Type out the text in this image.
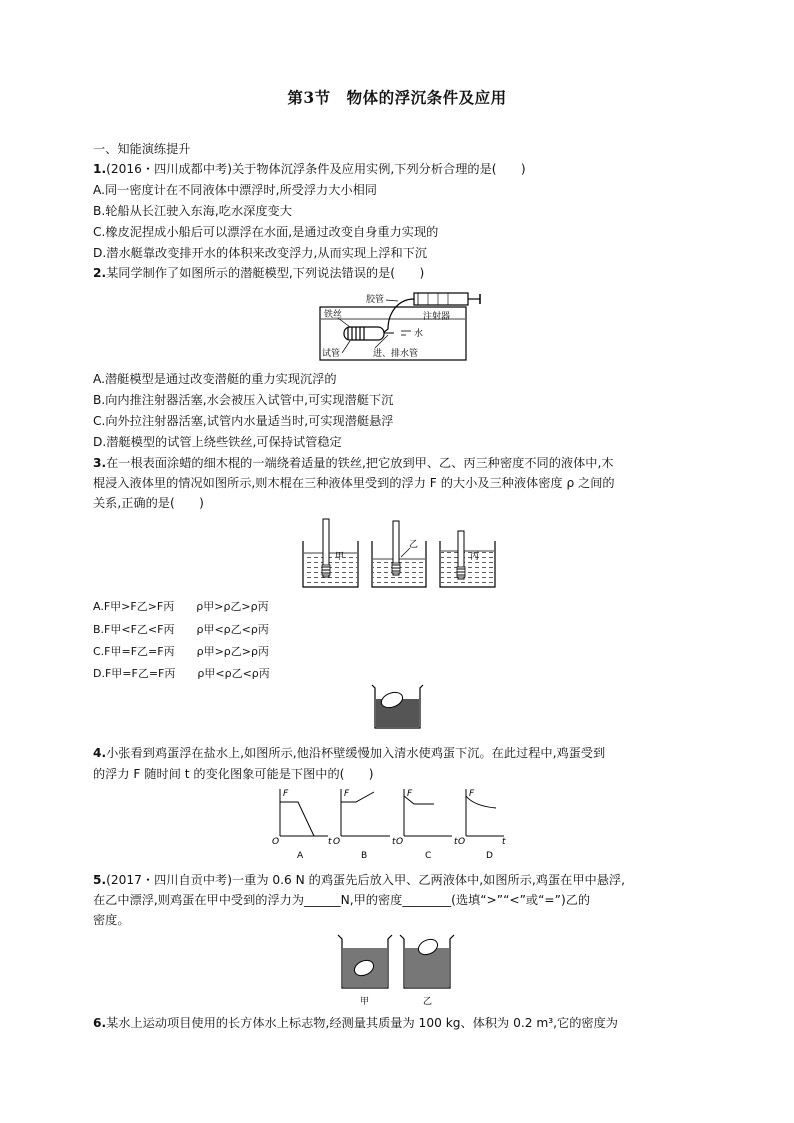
第3节　物体的浮沉条件及应用
一、知能演练提升
1.(2016・四川成都中考)关于物体沉浮条件及应用实例,下列分析合理的是(　　)
A.同一密度计在不同液体中漂浮时,所受浮力大小相同
B.轮船从长江驶入东海,吃水深度变大
C.橡皮泥捏成小船后可以漂浮在水面,是通过改变自身重力实现的
D.潜水艇靠改变排开水的体积来改变浮力,从而实现上浮和下沉
2.某同学制作了如图所示的潜艇模型,下列说法错误的是(　　)
胶管
注射器
铁丝
水
试管	进、排水管
A.潜艇模型是通过改变潜艇的重力实现沉浮的
B.向内推注射器活塞,水会被压入试管中,可实现潜艇下沉
C.向外拉注射器活塞,试管内水量适当时,可实现潜艇悬浮
D.潜艇模型的试管上绕些铁丝,可保持试管稳定
3.在一根表面涂蜡的细木棍的一端绕着适量的铁丝,把它放到甲、乙、丙三种密度不同的液体中,木
棍浸入液体里的情况如图所示,则木棍在三种液体里受到的浮力 F 的大小及三种液体密度 ρ 之间的
关系,正确的是(　　)
甲
乙
丙
A.F甲>F乙>F丙　　ρ甲>ρ乙>ρ丙
B.F甲<F乙<F丙　　ρ甲<ρ乙<ρ丙
C.F甲=F乙=F丙　　ρ甲>ρ乙>ρ丙
D.F甲=F乙=F丙　　ρ甲<ρ乙<ρ丙
4.小张看到鸡蛋浮在盐水上,如图所示,他沿杯壁缓慢加入清水使鸡蛋下沉。在此过程中,鸡蛋受到
的浮力 F 随时间 t 的变化图象可能是下图中的(　　)
F
O
A
F
O
B
F
O
C
F
O
D
t	t	t	t
5.(2017・四川自贡中考)一重为 0.6 N 的鸡蛋先后放入甲、乙两液体中,如图所示,鸡蛋在甲中悬浮,
在乙中漂浮,则鸡蛋在甲中受到的浮力为______N,甲的密度________(选填“>”“<”或“=”)乙的
密度。
甲	乙
6.某水上运动项目使用的长方体水上标志物,经测量其质量为 100 kg、体积为 0.2 m³,它的密度为
